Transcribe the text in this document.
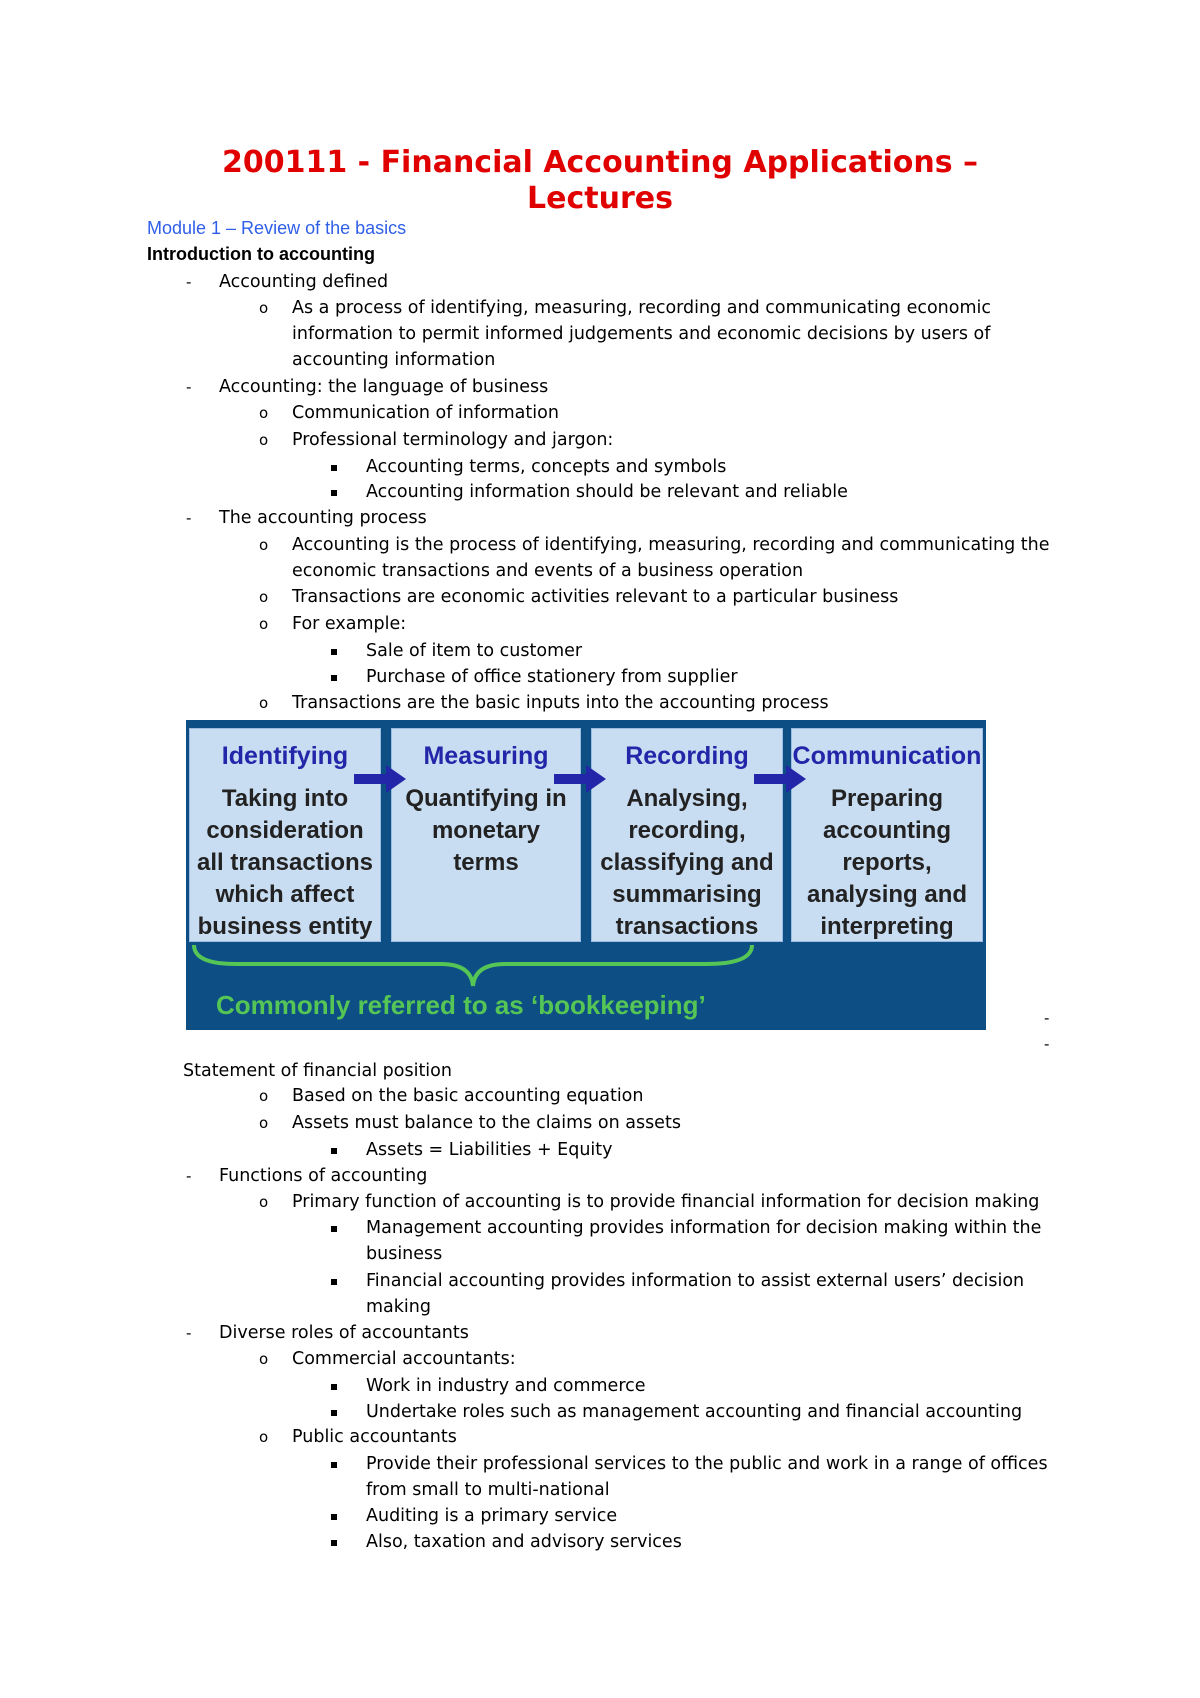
200111 - Financial Accounting Applications –
Lectures
Module 1 – Review of the basics
Introduction to accounting
- Accounting defined
o As a process of identifying, measuring, recording and communicating economic
information to permit informed judgements and economic decisions by users of
accounting information
- Accounting: the language of business
o Communication of information
o Professional terminology and jargon:
Accounting terms, concepts and symbols
Accounting information should be relevant and reliable
- The accounting process
o Accounting is the process of identifying, measuring, recording and communicating the
economic transactions and events of a business operation
o Transactions are economic activities relevant to a particular business
o For example:
Sale of item to customer
Purchase of office stationery from supplier
o Transactions are the basic inputs into the accounting process
Identifying
Taking into consideration all transactions which affect business entity
Measuring
Quantifying in monetary terms
Recording
Analysing, recording, classifying and summarising transactions
Communication
Preparing accounting reports, analysing and interpreting
Commonly referred to as ‘bookkeeping’	-
-
Statement of financial position
o Based on the basic accounting equation
o Assets must balance to the claims on assets
Assets = Liabilities + Equity
- Functions of accounting
o Primary function of accounting is to provide financial information for decision making
Management accounting provides information for decision making within the
business
Financial accounting provides information to assist external users’ decision
making
- Diverse roles of accountants
o Commercial accountants:
Work in industry and commerce
Undertake roles such as management accounting and financial accounting
o Public accountants
Provide their professional services to the public and work in a range of offices
from small to multi-national
Auditing is a primary service
Also, taxation and advisory services
